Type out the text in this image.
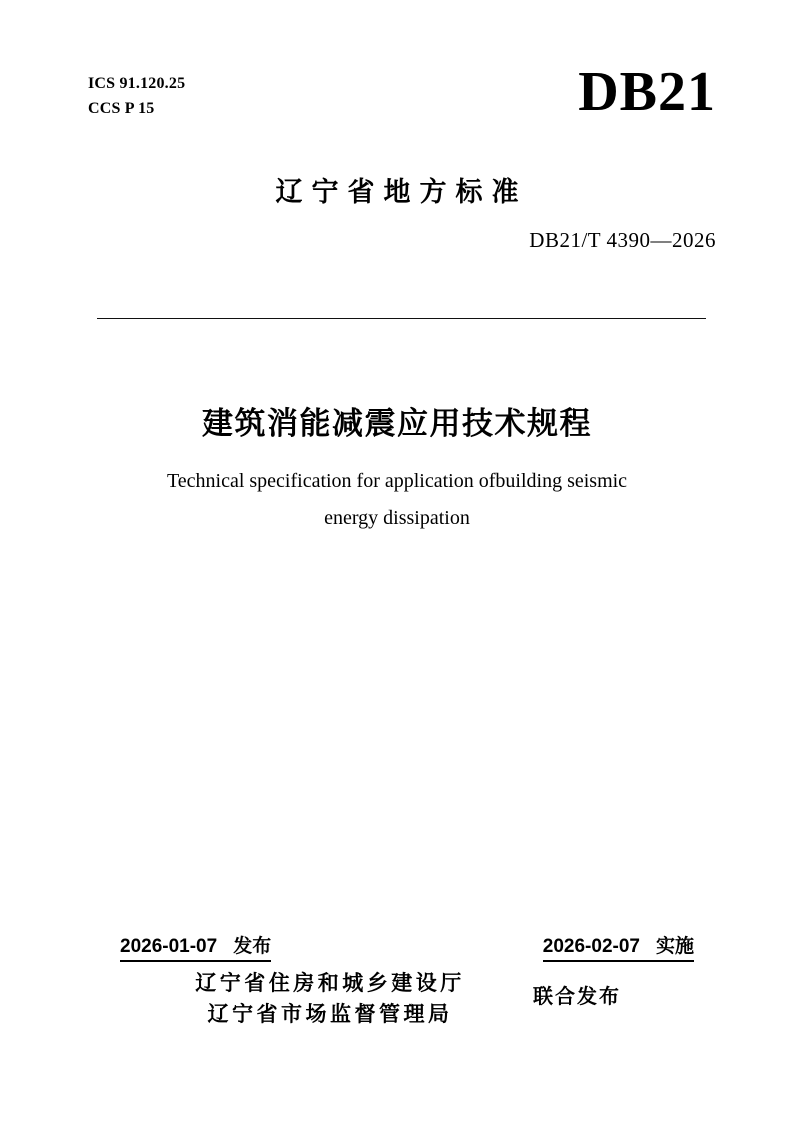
ICS 91.120.25
CCS P 15	DB21
辽宁省地方标准
DB21/T 4390—2026
建筑消能减震应用技术规程
Technical specification for application ofbuilding seismic
energy dissipation
2026-01-07 发布	2026-02-07 实施
辽宁省住房和城乡建设厅
辽宁省市场监督管理局
联合发布
